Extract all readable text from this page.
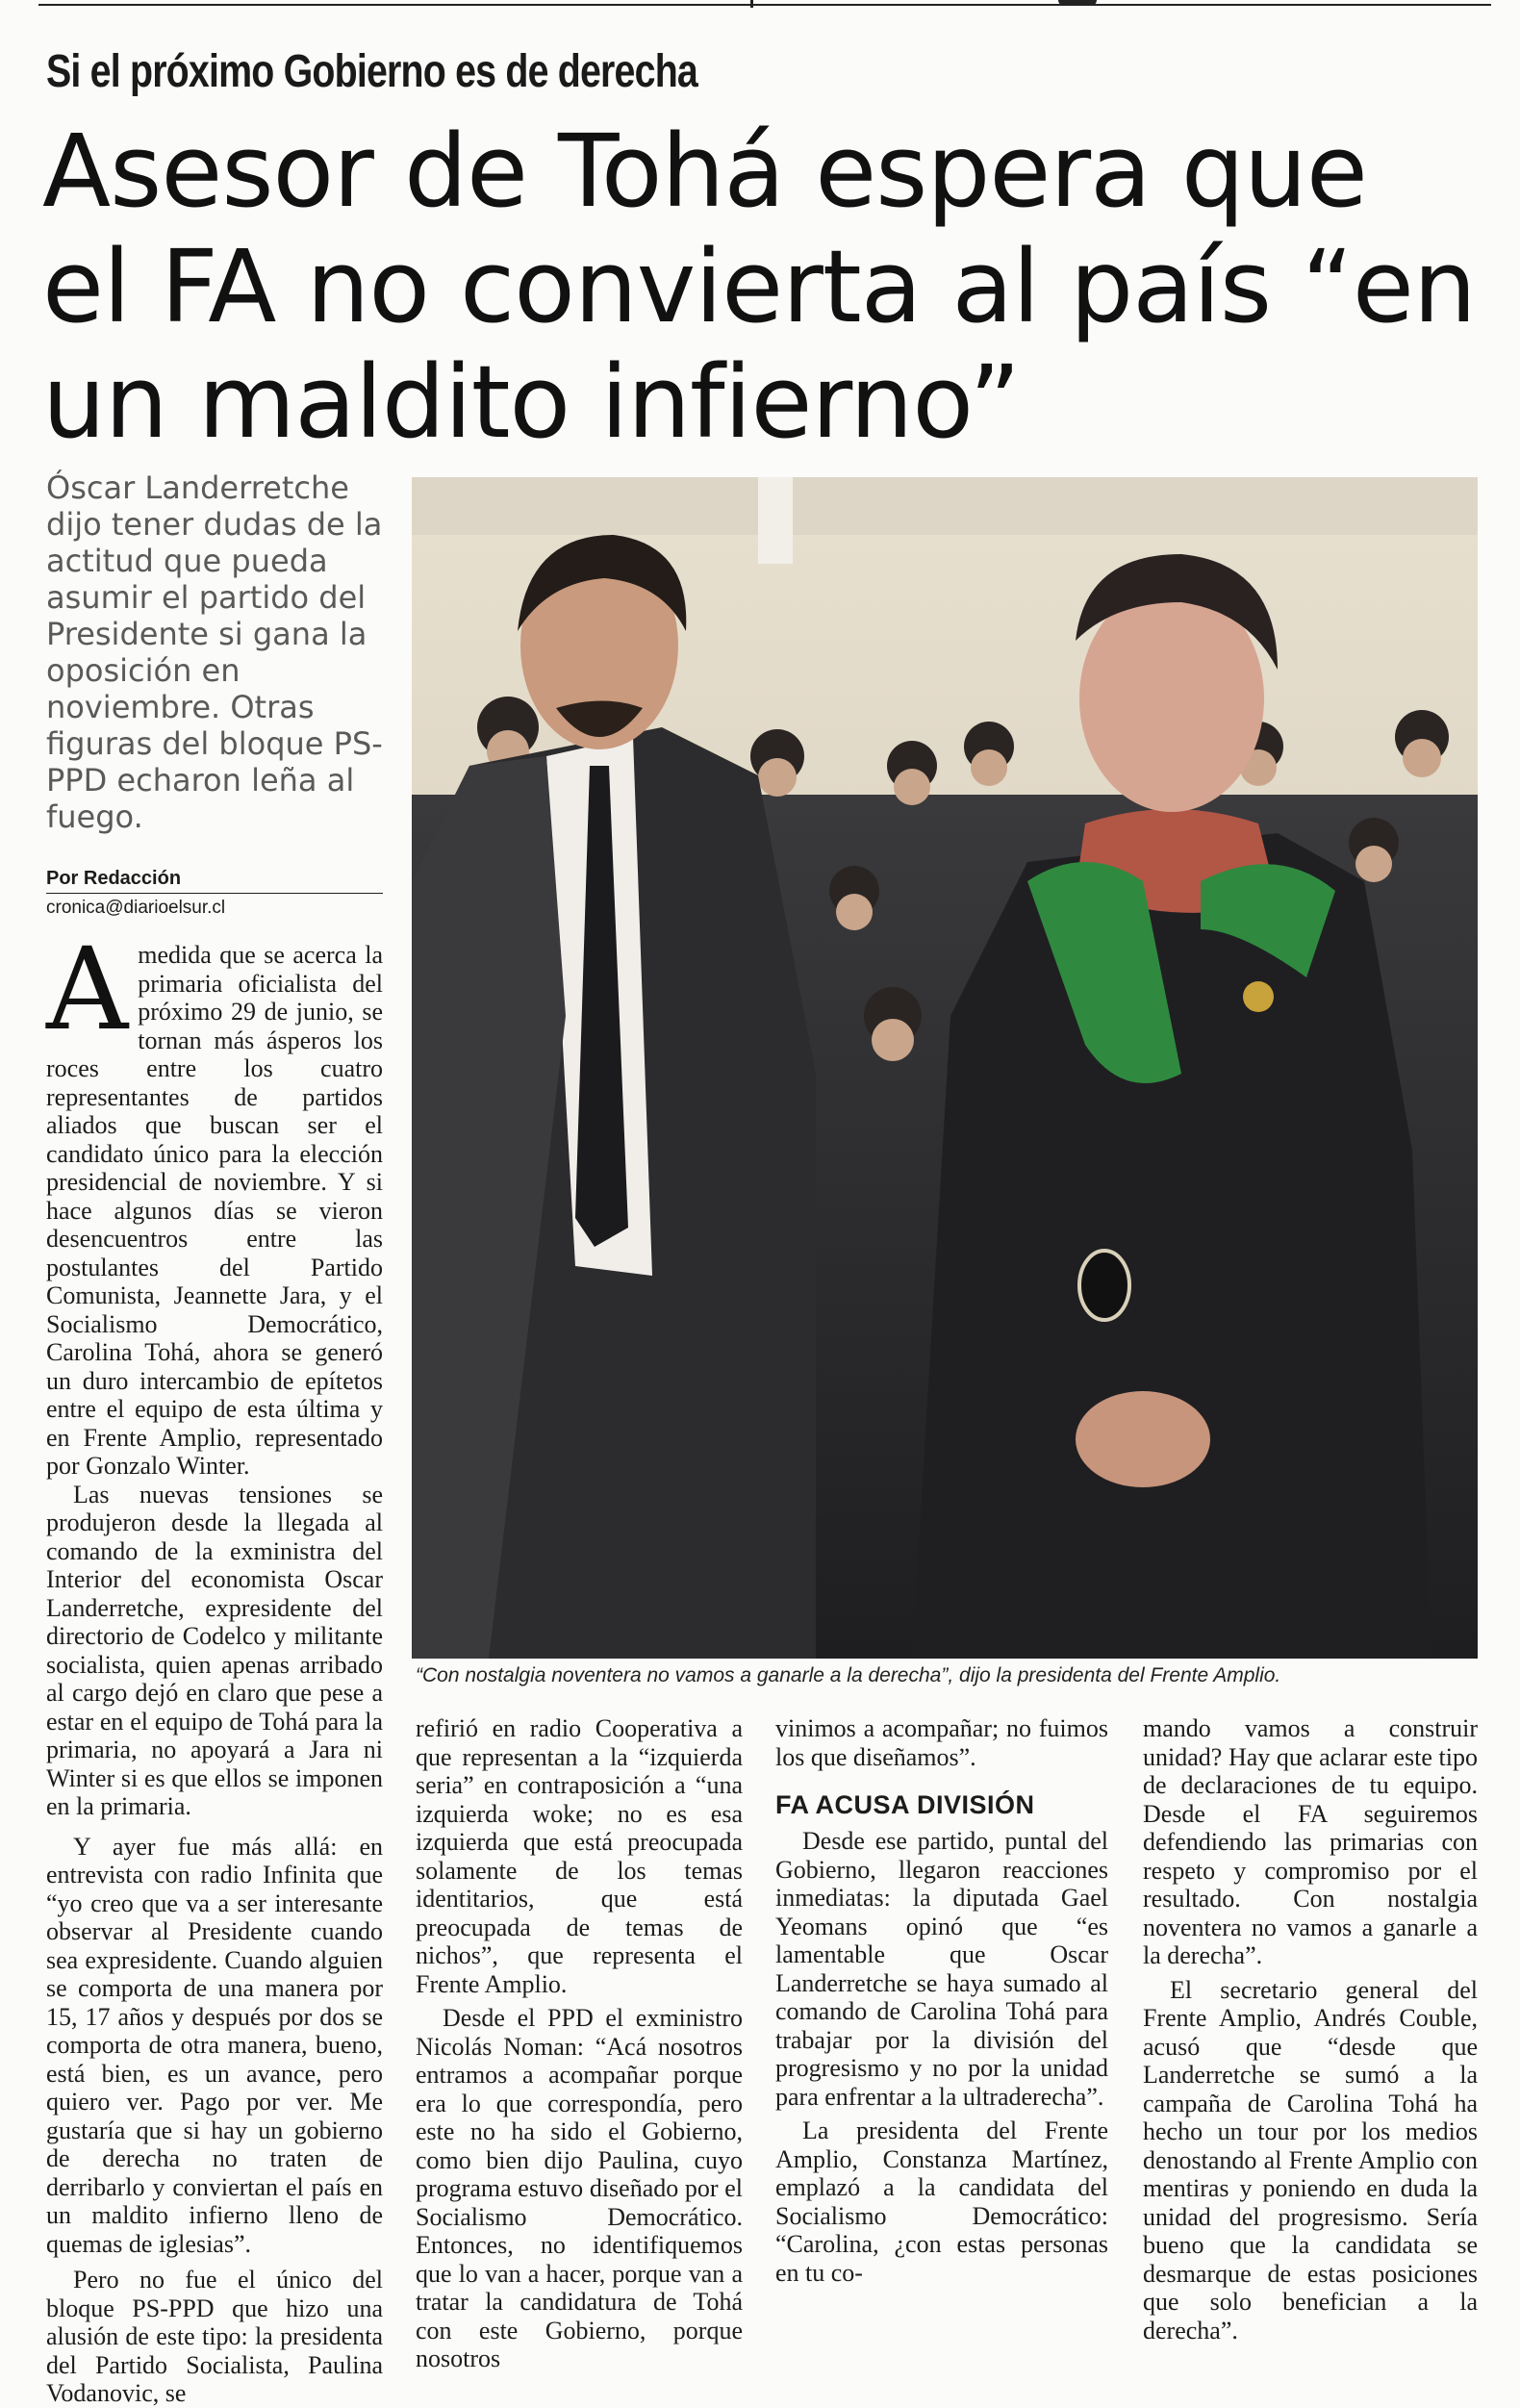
Si el próximo Gobierno es de derecha
Asesor de Tohá espera que el FA no convierta al país “en un maldito infierno”

Óscar Landerretche dijo tener dudas de la actitud que pueda asumir el partido del Presidente si gana la oposición en noviembre. Otras figuras del bloque PS-PPD echaron leña al fuego.

Por Redacción
cronica@diarioelsur.cl
“Con nostalgia noventera no vamos a ganarle a la derecha”, dijo la presidenta del Frente Amplio.

Amedida que se acerca la primaria oficialista del próximo 29 de junio, se tornan más ásperos los roces entre los cuatro representantes de partidos aliados que buscan ser el candidato único para la elección presidencial de noviembre. Y si hace algunos días se vieron desencuentros entre las postulantes del Partido Comunista, Jeannette Jara, y el Socialismo Democrático, Carolina Tohá, ahora se generó un duro intercambio de epítetos entre el equipo de esta última y en Frente Amplio, representado por Gonzalo Winter.

Las nuevas tensiones se produjeron desde la llegada al comando de la exministra del Interior del economista Oscar Landerretche, expresidente del directorio de Codelco y militante socialista, quien apenas arribado al cargo dejó en claro que pese a estar en el equipo de Tohá para la primaria, no apoyará a Jara ni Winter si es que ellos se imponen en la primaria.

Y ayer fue más allá: en entrevista con radio Infinita que “yo creo que va a ser interesante observar al Presidente cuando sea expresidente. Cuando alguien se comporta de una manera por 15, 17 años y después por dos se comporta de otra manera, bueno, está bien, es un avance, pero quiero ver. Pago por ver. Me gustaría que si hay un gobierno de derecha no traten de derribarlo y conviertan el país en un maldito infierno lleno de quemas de iglesias”.

Pero no fue el único del bloque PS-PPD que hizo una alusión de este tipo: la presidenta del Partido Socialista, Paulina Vodanovic, se

refirió en radio Cooperativa a que representan a la “izquierda seria” en contraposición a “una izquierda woke; no es esa izquierda que está preocupada solamente de los temas identitarios, que está preocupada de temas de nichos”, que representa el Frente Amplio.

Desde el PPD el exministro Nicolás Noman: “Acá nosotros entramos a acompañar porque era lo que correspondía, pero este no ha sido el Gobierno, como bien dijo Paulina, cuyo programa estuvo diseñado por el Socialismo Democrático. Entonces, no identifiquemos que lo van a hacer, porque van a tratar la candidatura de Tohá con este Gobierno, porque nosotros

vinimos a acompañar; no fuimos los que diseñamos”.

FA ACUSA DIVISIÓN

Desde ese partido, puntal del Gobierno, llegaron reacciones inmediatas: la diputada Gael Yeomans opinó que “es lamentable que Oscar Landerretche se haya sumado al comando de Carolina Tohá para trabajar por la división del progresismo y no por la unidad para enfrentar a la ultraderecha”.

La presidenta del Frente Amplio, Constanza Martínez, emplazó a la candidata del Socialismo Democrático: “Carolina, ¿con estas personas en tu co-

mando vamos a construir unidad? Hay que aclarar este tipo de declaraciones de tu equipo. Desde el FA seguiremos defendiendo las primarias con respeto y compromiso por el resultado. Con nostalgia noventera no vamos a ganarle a la derecha”.

El secretario general del Frente Amplio, Andrés Couble, acusó que “desde que Landerretche se sumó a la campaña de Carolina Tohá ha hecho un tour por los medios denostando al Frente Amplio con mentiras y poniendo en duda la unidad del progresismo. Sería bueno que la candidata se desmarque de estas posiciones que solo benefician a la derecha”.
